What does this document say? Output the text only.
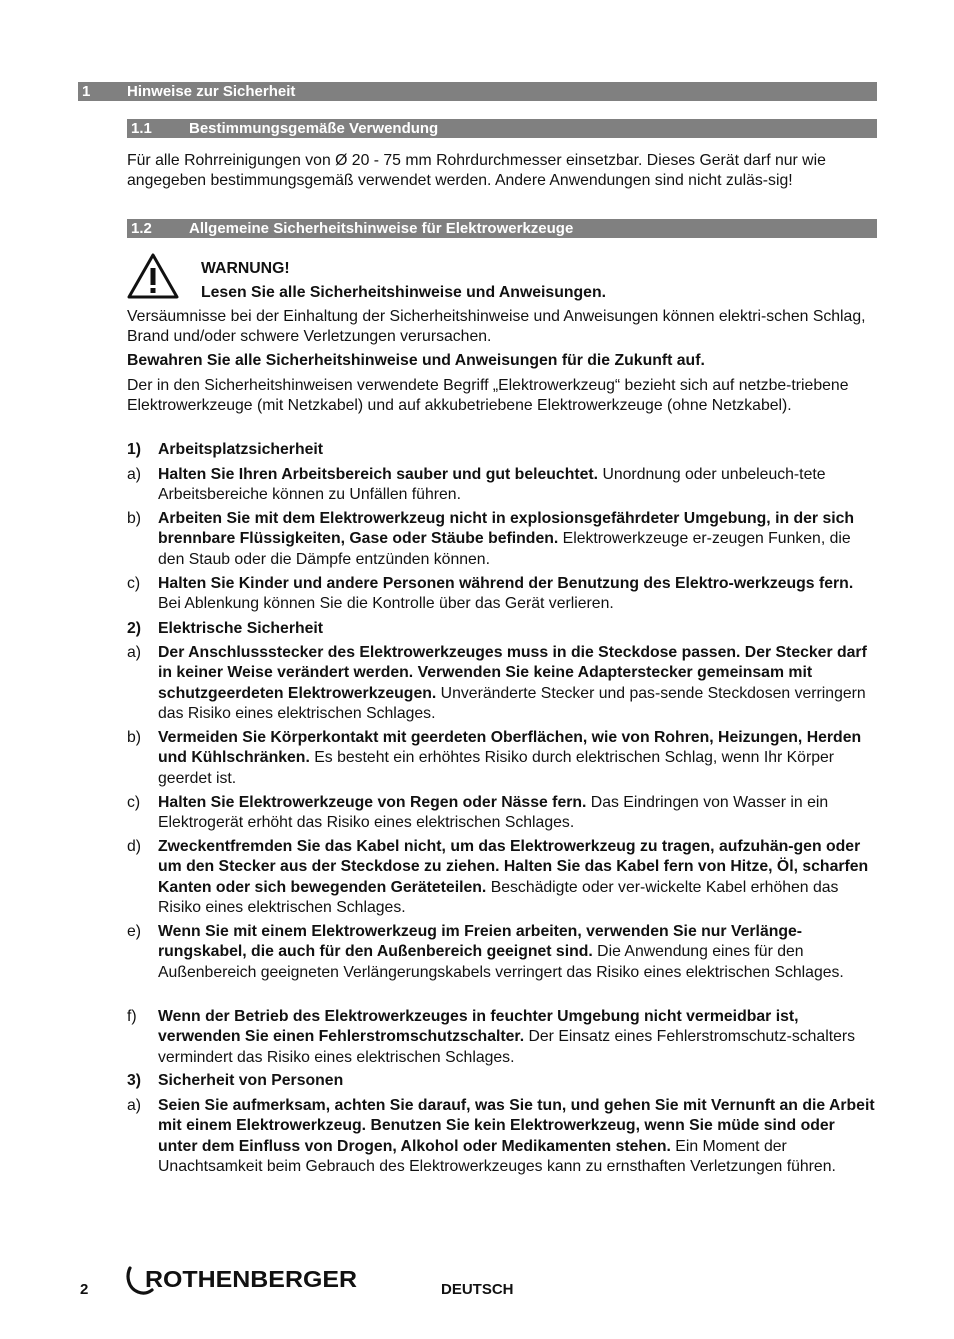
1 Hinweise zur Sicherheit
1.1 Bestimmungsgemäße Verwendung

Für alle Rohrreinigungen von Ø 20 - 75 mm Rohrdurchmesser einsetzbar. Dieses Gerät darf nur wie angegeben bestimmungsgemäß verwendet werden. Andere Anwendungen sind nicht zuläs-sig!

1.2 Allgemeine Sicherheitshinweise für Elektrowerkzeuge
WARNUNG!
Lesen Sie alle Sicherheitshinweise und Anweisungen.

Versäumnisse bei der Einhaltung der Sicherheitshinweise und Anweisungen können elektri-schen Schlag, Brand und/oder schwere Verletzungen verursachen.

Bewahren Sie alle Sicherheitshinweise und Anweisungen für die Zukunft auf.

Der in den Sicherheitshinweisen verwendete Begriff „Elektrowerkzeug“ bezieht sich auf netzbe-triebene Elektrowerkzeuge (mit Netzkabel) und auf akkubetriebene Elektrowerkzeuge (ohne Netzkabel).

1) Arbeitsplatzsicherheit
a) Halten Sie Ihren Arbeitsbereich sauber und gut beleuchtet. Unordnung oder unbeleuch-tete Arbeitsbereiche können zu Unfällen führen.
b) Arbeiten Sie mit dem Elektrowerkzeug nicht in explosionsgefährdeter Umgebung, in der sich brennbare Flüssigkeiten, Gase oder Stäube befinden. Elektrowerkzeuge er-zeugen Funken, die den Staub oder die Dämpfe entzünden können.
c) Halten Sie Kinder und andere Personen während der Benutzung des Elektro-werkzeugs fern. Bei Ablenkung können Sie die Kontrolle über das Gerät verlieren.
2) Elektrische Sicherheit
a) Der Anschlussstecker des Elektrowerkzeuges muss in die Steckdose passen. Der Stecker darf in keiner Weise verändert werden. Verwenden Sie keine Adapterstecker gemeinsam mit schutzgeerdeten Elektrowerkzeugen. Unveränderte Stecker und pas-sende Steckdosen verringern das Risiko eines elektrischen Schlages.
b) Vermeiden Sie Körperkontakt mit geerdeten Oberflächen, wie von Rohren, Heizungen, Herden und Kühlschränken. Es besteht ein erhöhtes Risiko durch elektrischen Schlag, wenn Ihr Körper geerdet ist.
c) Halten Sie Elektrowerkzeuge von Regen oder Nässe fern. Das Eindringen von Wasser in ein Elektrogerät erhöht das Risiko eines elektrischen Schlages.
d) Zweckentfremden Sie das Kabel nicht, um das Elektrowerkzeug zu tragen, aufzuhän-gen oder um den Stecker aus der Steckdose zu ziehen. Halten Sie das Kabel fern von Hitze, Öl, scharfen Kanten oder sich bewegenden Geräteteilen. Beschädigte oder ver-wickelte Kabel erhöhen das Risiko eines elektrischen Schlages.
e) Wenn Sie mit einem Elektrowerkzeug im Freien arbeiten, verwenden Sie nur Verlänge-rungskabel, die auch für den Außenbereich geeignet sind. Die Anwendung eines für den Außenbereich geeigneten Verlängerungskabels verringert das Risiko eines elektrischen Schlages.
f) Wenn der Betrieb des Elektrowerkzeuges in feuchter Umgebung nicht vermeidbar ist, verwenden Sie einen Fehlerstromschutzschalter. Der Einsatz eines Fehlerstromschutz-schalters vermindert das Risiko eines elektrischen Schlages.
3) Sicherheit von Personen
a) Seien Sie aufmerksam, achten Sie darauf, was Sie tun, und gehen Sie mit Vernunft an die Arbeit mit einem Elektrowerkzeug. Benutzen Sie kein Elektrowerkzeug, wenn Sie müde sind oder unter dem Einfluss von Drogen, Alkohol oder Medikamenten stehen. Ein Moment der Unachtsamkeit beim Gebrauch des Elektrowerkzeuges kann zu ernsthaften Verletzungen führen.
2 ROTHENBERGER	DEUTSCH
